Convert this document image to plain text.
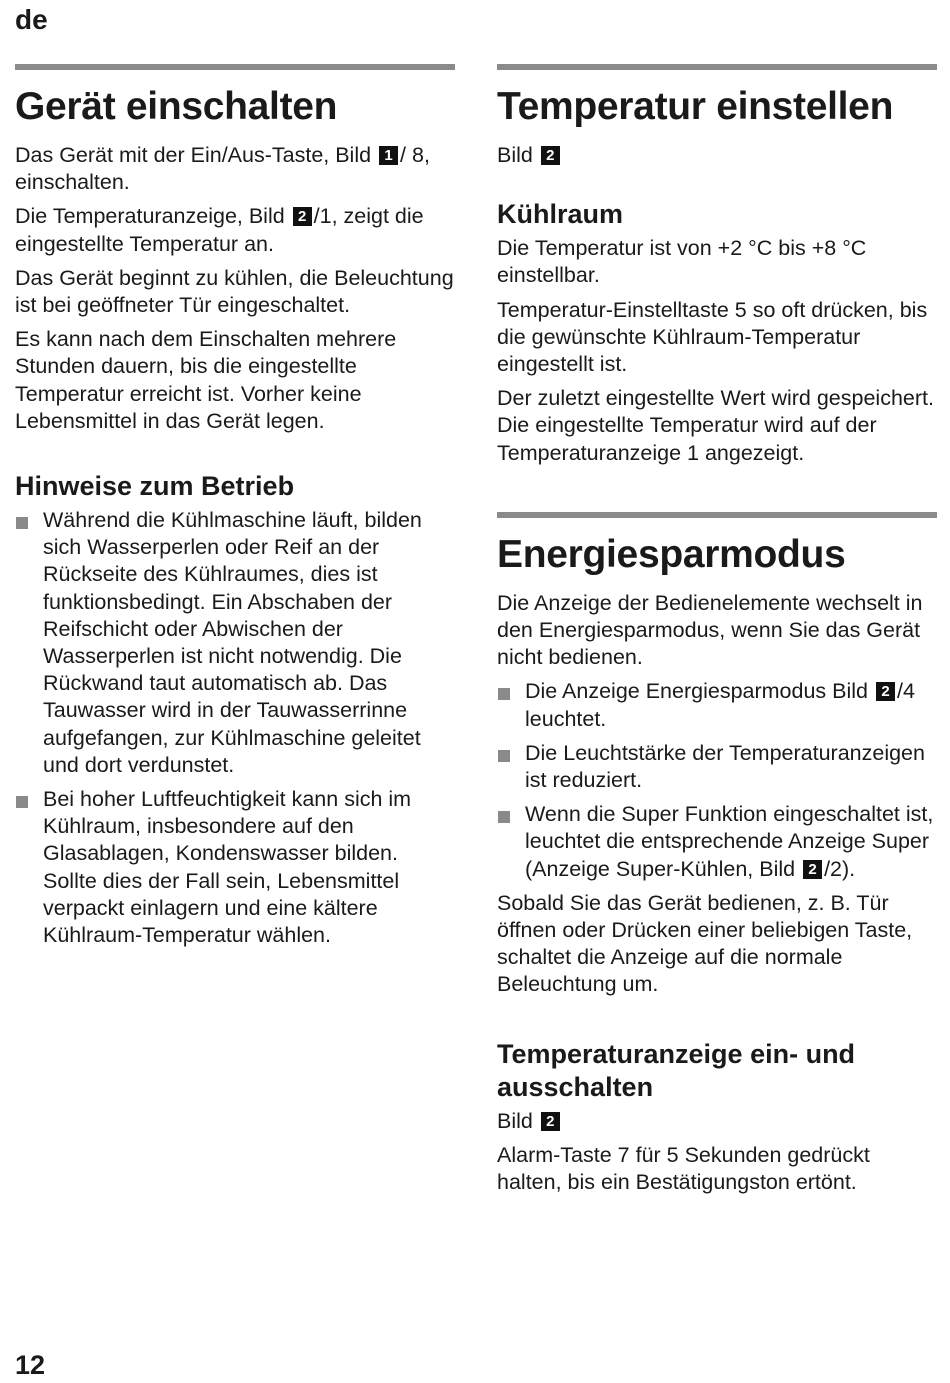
de
Gerät einschalten

Das Gerät mit der Ein/Aus-Taste, Bild 1 / 8, einschalten.

Die Temperaturanzeige, Bild 2 /1, zeigt die eingestellte Temperatur an.

Das Gerät beginnt zu kühlen, die Beleuchtung ist bei geöffneter Tür eingeschaltet.

Es kann nach dem Einschalten mehrere Stunden dauern, bis die eingestellte Temperatur erreicht ist. Vorher keine Lebensmittel in das Gerät legen.

Hinweise zum Betrieb
Während die Kühlmaschine läuft, bilden sich Wasserperlen oder Reif an der Rückseite des Kühlraumes, dies ist funktionsbedingt. Ein Abschaben der Reifschicht oder Abwischen der Wasserperlen ist nicht notwendig. Die Rückwand taut automatisch ab. Das Tauwasser wird in der Tauwasserrinne aufgefangen, zur Kühlmaschine geleitet und dort verdunstet.
Bei hoher Luftfeuchtigkeit kann sich im Kühlraum, insbesondere auf den Glasablagen, Kondenswasser bilden. Sollte dies der Fall sein, Lebensmittel verpackt einlagern und eine kältere Kühlraum-Temperatur wählen.
Temperatur einstellen

Bild 2

Kühlraum

Die Temperatur ist von +2 °C bis +8 °C einstellbar.

Temperatur-Einstelltaste 5 so oft drücken, bis die gewünschte Kühlraum-Temperatur eingestellt ist.

Der zuletzt eingestellte Wert wird gespeichert. Die eingestellte Temperatur wird auf der Temperaturanzeige 1 angezeigt.

Energiesparmodus

Die Anzeige der Bedienelemente wechselt in den Energiesparmodus, wenn Sie das Gerät nicht bedienen.

Die Anzeige Energiesparmodus Bild 2 /4 leuchtet.
Die Leuchtstärke der Temperaturanzeigen ist reduziert.
Wenn die Super Funktion eingeschaltet ist, leuchtet die entsprechende Anzeige Super (Anzeige Super-Kühlen, Bild 2 /2).

Sobald Sie das Gerät bedienen, z. B. Tür öffnen oder Drücken einer beliebigen Taste, schaltet die Anzeige auf die normale Beleuchtung um.

Temperaturanzeige ein- und ausschalten

Bild 2

Alarm-Taste 7 für 5 Sekunden gedrückt halten, bis ein Bestätigungston ertönt.

12
